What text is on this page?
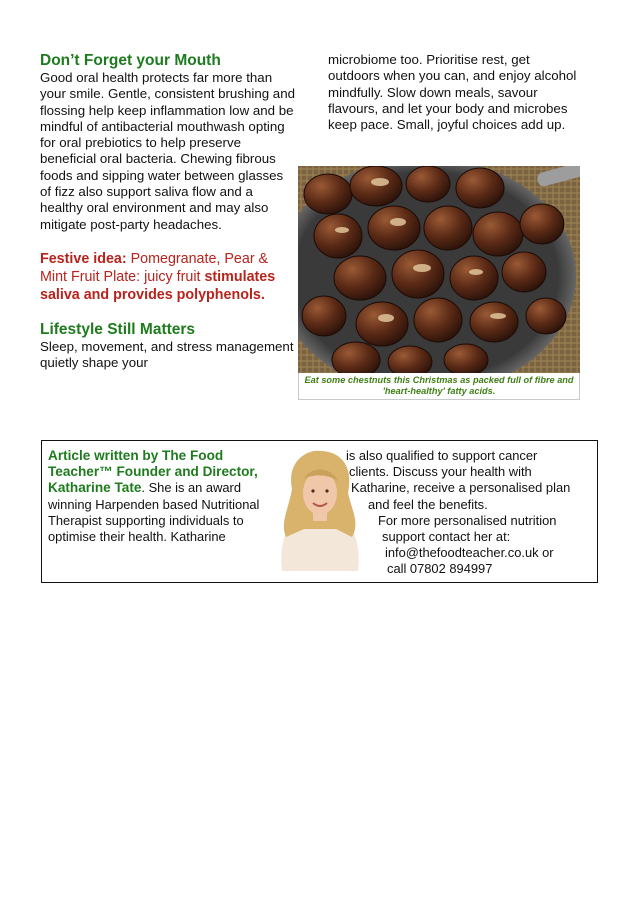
Don’t Forget your Mouth

Good oral health protects far more than your smile. Gentle, consistent brushing and flossing help keep inflammation low and be mindful of antibacterial mouthwash opting for oral prebiotics to help preserve beneficial oral bacteria. Chewing fibrous foods and sipping water between glasses of fizz also support saliva flow and a healthy oral environment and may also mitigate post-party headaches.

Festive idea: Pomegranate, Pear & Mint Fruit Plate: juicy fruit stimulates saliva and provides polyphenols.

Lifestyle Still Matters

Sleep, movement, and stress management quietly shape your

microbiome too. Prioritise rest, get outdoors when you can, and enjoy alcohol mindfully. Slow down meals, savour flavours, and let your body and microbes keep pace. Small, joyful choices add up.

Eat some chestnuts this Christmas as packed full of fibre and 'heart-healthy' fatty acids.

Article written by The Food Teacher™ Founder and Director, Katharine Tate. She is an award winning Harpenden based Nutritional Therapist supporting individuals to optimise their health. Katharine

is also qualified to support cancer
clients. Discuss your health with
Katharine, receive a personalised plan
and feel the benefits.
For more personalised nutrition
support contact her at:
info@thefoodteacher.co.uk or
call 07802 894997
